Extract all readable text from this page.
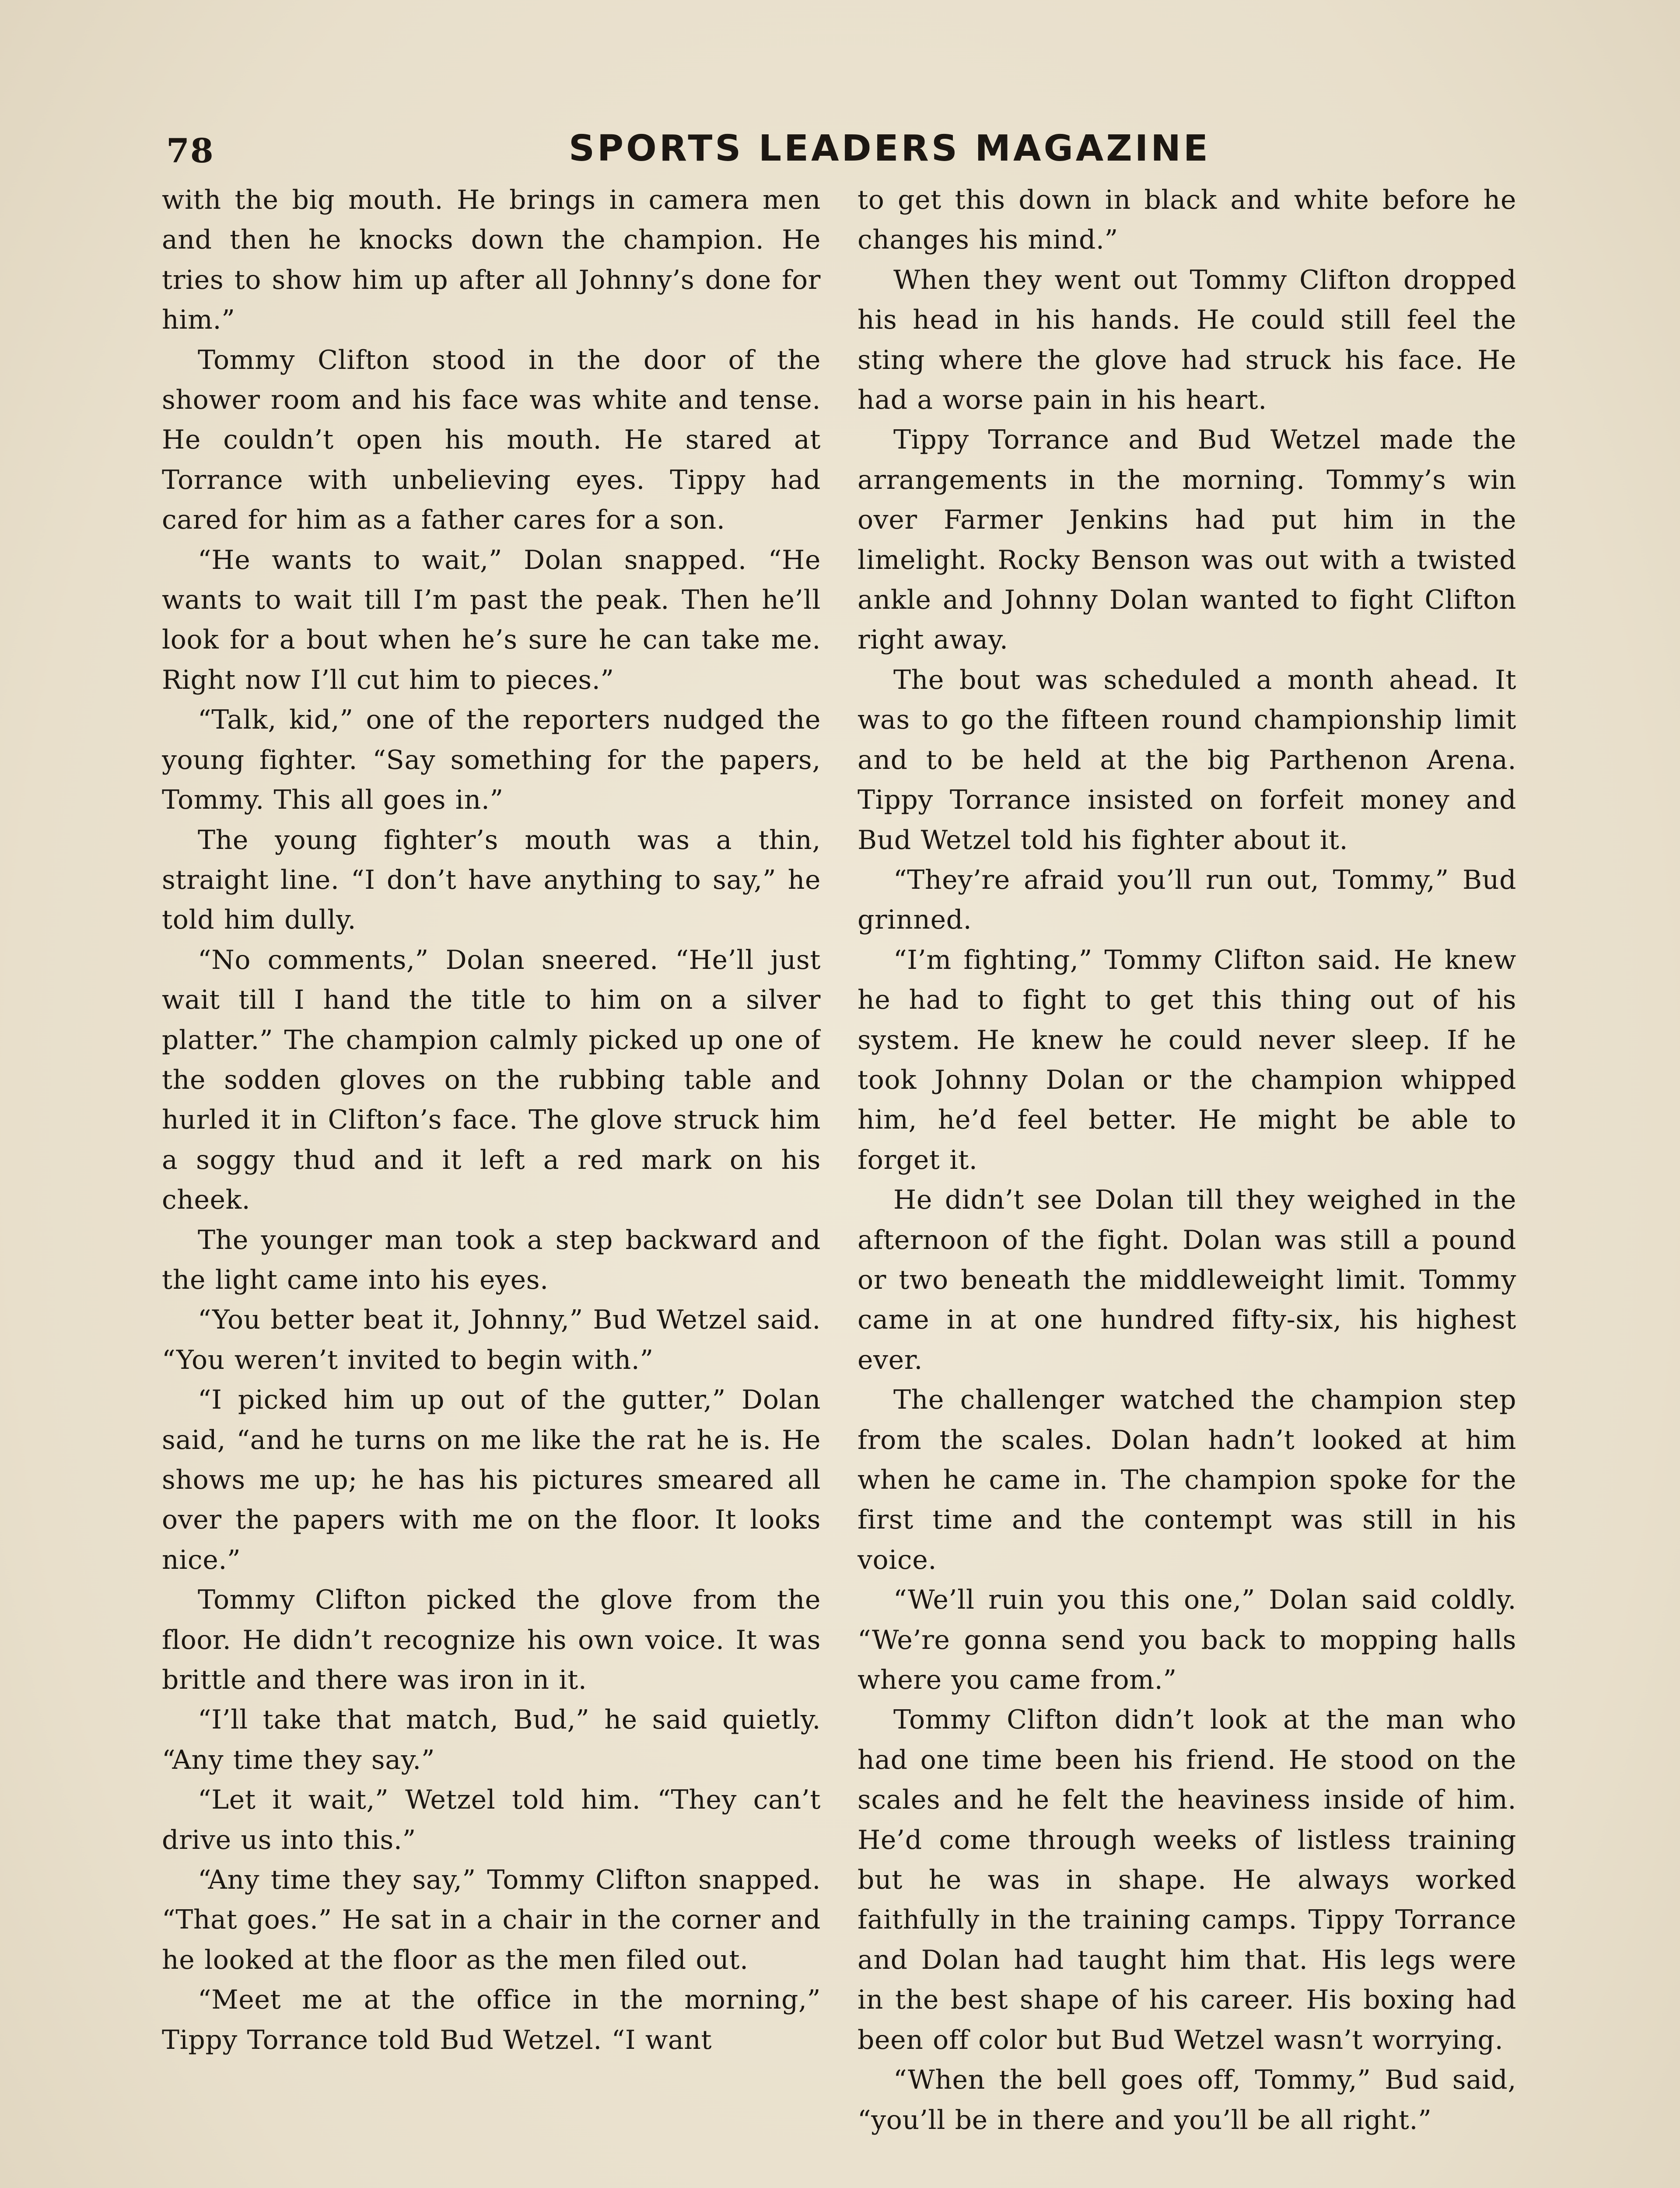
78	SPORTS LEADERS MAGAZINE

with the big mouth. He brings in camera men and then he knocks down the champion. He tries to show him up after all Johnny’s done for him.”

Tommy Clifton stood in the door of the shower room and his face was white and tense. He couldn’t open his mouth. He stared at Torrance with unbelieving eyes. Tippy had cared for him as a father cares for a son.

“He wants to wait,” Dolan snapped. “He wants to wait till I’m past the peak. Then he’ll look for a bout when he’s sure he can take me. Right now I’ll cut him to pieces.”

“Talk, kid,” one of the reporters nudged the young fighter. “Say something for the papers, Tommy. This all goes in.”

The young fighter’s mouth was a thin, straight line. “I don’t have anything to say,” he told him dully.

“No comments,” Dolan sneered. “He’ll just wait till I hand the title to him on a silver platter.” The champion calmly picked up one of the sodden gloves on the rubbing table and hurled it in Clifton’s face. The glove struck him a soggy thud and it left a red mark on his cheek.

The younger man took a step backward and the light came into his eyes.

“You better beat it, Johnny,” Bud Wetzel said. “You weren’t invited to begin with.”

“I picked him up out of the gutter,” Dolan said, “and he turns on me like the rat he is. He shows me up; he has his pictures smeared all over the papers with me on the floor. It looks nice.”

Tommy Clifton picked the glove from the floor. He didn’t recognize his own voice. It was brittle and there was iron in it.

“I’ll take that match, Bud,” he said quietly. “Any time they say.”

“Let it wait,” Wetzel told him. “They can’t drive us into this.”

“Any time they say,” Tommy Clifton snapped. “That goes.” He sat in a chair in the corner and he looked at the floor as the men filed out.

“Meet me at the office in the morning,” Tippy Torrance told Bud Wetzel. “I want

to get this down in black and white before he changes his mind.”

When they went out Tommy Clifton dropped his head in his hands. He could still feel the sting where the glove had struck his face. He had a worse pain in his heart.

Tippy Torrance and Bud Wetzel made the arrangements in the morning. Tommy’s win over Farmer Jenkins had put him in the limelight. Rocky Benson was out with a twisted ankle and Johnny Dolan wanted to fight Clifton right away.

The bout was scheduled a month ahead. It was to go the fifteen round championship limit and to be held at the big Parthenon Arena. Tippy Torrance insisted on forfeit money and Bud Wetzel told his fighter about it.

“They’re afraid you’ll run out, Tommy,” Bud grinned.

“I’m fighting,” Tommy Clifton said. He knew he had to fight to get this thing out of his system. He knew he could never sleep. If he took Johnny Dolan or the champion whipped him, he’d feel better. He might be able to forget it.

He didn’t see Dolan till they weighed in the afternoon of the fight. Dolan was still a pound or two beneath the middleweight limit. Tommy came in at one hundred fifty-six, his highest ever.

The challenger watched the champion step from the scales. Dolan hadn’t looked at him when he came in. The champion spoke for the first time and the contempt was still in his voice.

“We’ll ruin you this one,” Dolan said coldly. “We’re gonna send you back to mopping halls where you came from.”

Tommy Clifton didn’t look at the man who had one time been his friend. He stood on the scales and he felt the heaviness inside of him. He’d come through weeks of listless training but he was in shape. He always worked faithfully in the training camps. Tippy Torrance and Dolan had taught him that. His legs were in the best shape of his career. His boxing had been off color but Bud Wetzel wasn’t worrying.

“When the bell goes off, Tommy,” Bud said, “you’ll be in there and you’ll be all right.”
